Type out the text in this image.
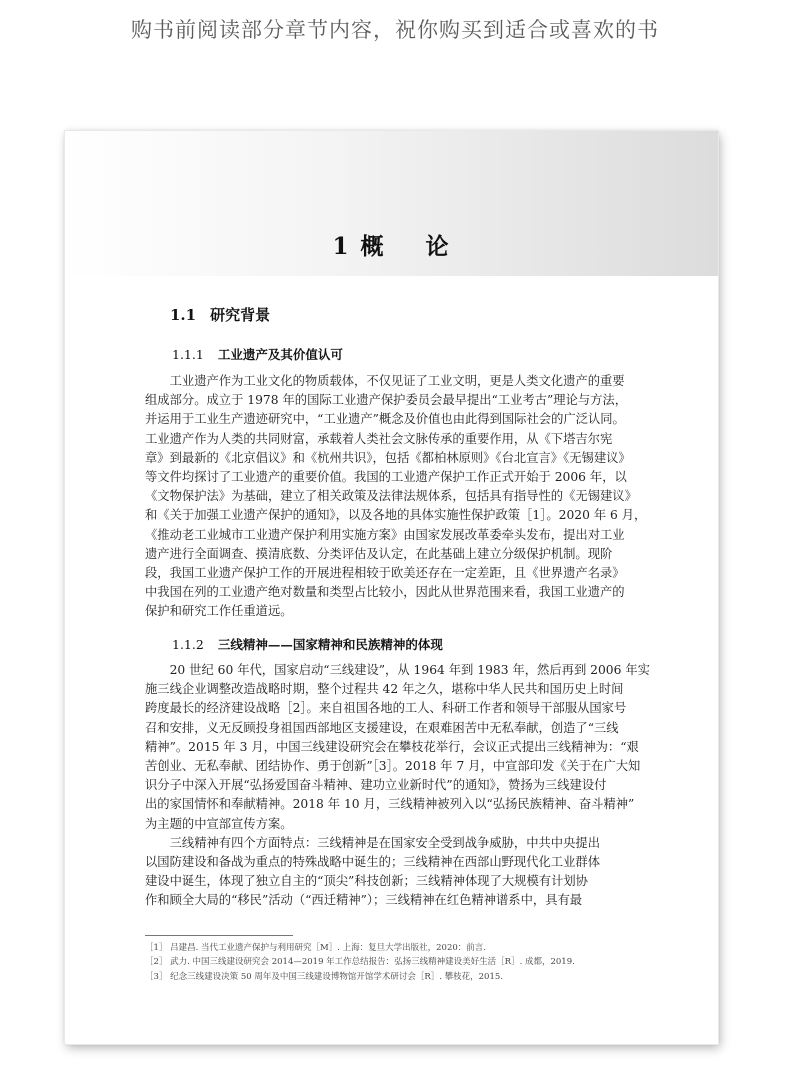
购书前阅读部分章节内容，祝你购买到适合或喜欢的书
1 概 论
1.1 研究背景
1.1.1 工业遗产及其价值认可
　　工业遗产作为工业文化的物质载体，不仅见证了工业文明，更是人类文化遗产的重要
组成部分。成立于 1978 年的国际工业遗产保护委员会最早提出“工业考古”理论与方法，
并运用于工业生产遗迹研究中，“工业遗产”概念及价值也由此得到国际社会的广泛认同。
工业遗产作为人类的共同财富，承载着人类社会文脉传承的重要作用，从《下塔吉尔宪
章》到最新的《北京倡议》和《杭州共识》，包括《都柏林原则》《台北宣言》《无锡建议》
等文件均探讨了工业遗产的重要价值。我国的工业遗产保护工作正式开始于 2006 年，以
《文物保护法》为基础，建立了相关政策及法律法规体系，包括具有指导性的《无锡建议》
和《关于加强工业遗产保护的通知》，以及各地的具体实施性保护政策［1］。2020 年 6 月，
《推动老工业城市工业遗产保护利用实施方案》由国家发展改革委牵头发布，提出对工业
遗产进行全面调查、摸清底数、分类评估及认定，在此基础上建立分级保护机制。现阶
段，我国工业遗产保护工作的开展进程相较于欧美还存在一定差距，且《世界遗产名录》
中我国在列的工业遗产绝对数量和类型占比较小，因此从世界范围来看，我国工业遗产的
保护和研究工作任重道远。
1.1.2 三线精神——国家精神和民族精神的体现
　　20 世纪 60 年代，国家启动“三线建设”，从 1964 年到 1983 年，然后再到 2006 年实
施三线企业调整改造战略时期，整个过程共 42 年之久，堪称中华人民共和国历史上时间
跨度最长的经济建设战略［2］。来自祖国各地的工人、科研工作者和领导干部服从国家号
召和安排，义无反顾投身祖国西部地区支援建设，在艰难困苦中无私奉献，创造了“三线
精神”。2015 年 3 月，中国三线建设研究会在攀枝花举行，会议正式提出三线精神为：“艰
苦创业、无私奉献、团结协作、勇于创新”［3］。2018 年 7 月，中宣部印发《关于在广大知
识分子中深入开展“弘扬爱国奋斗精神、建功立业新时代”的通知》，赞扬为三线建设付
出的家国情怀和奉献精神。2018 年 10 月，三线精神被列入以“弘扬民族精神、奋斗精神”
为主题的中宣部宣传方案。
　　三线精神有四个方面特点：三线精神是在国家安全受到战争威胁，中共中央提出
以国防建设和备战为重点的特殊战略中诞生的；三线精神在西部山野现代化工业群体
建设中诞生，体现了独立自主的“顶尖”科技创新；三线精神体现了大规模有计划协
作和顾全大局的“移民”活动（“西迁精神”）；三线精神在红色精神谱系中，具有最
［1］ 吕建昌. 当代工业遗产保护与利用研究［M］. 上海：复旦大学出版社，2020：前言.
［2］ 武力. 中国三线建设研究会 2014—2019 年工作总结报告：弘扬三线精神建设美好生活［R］. 成都，2019.
［3］ 纪念三线建设决策 50 周年及中国三线建设博物馆开馆学术研讨会［R］. 攀枝花，2015.
